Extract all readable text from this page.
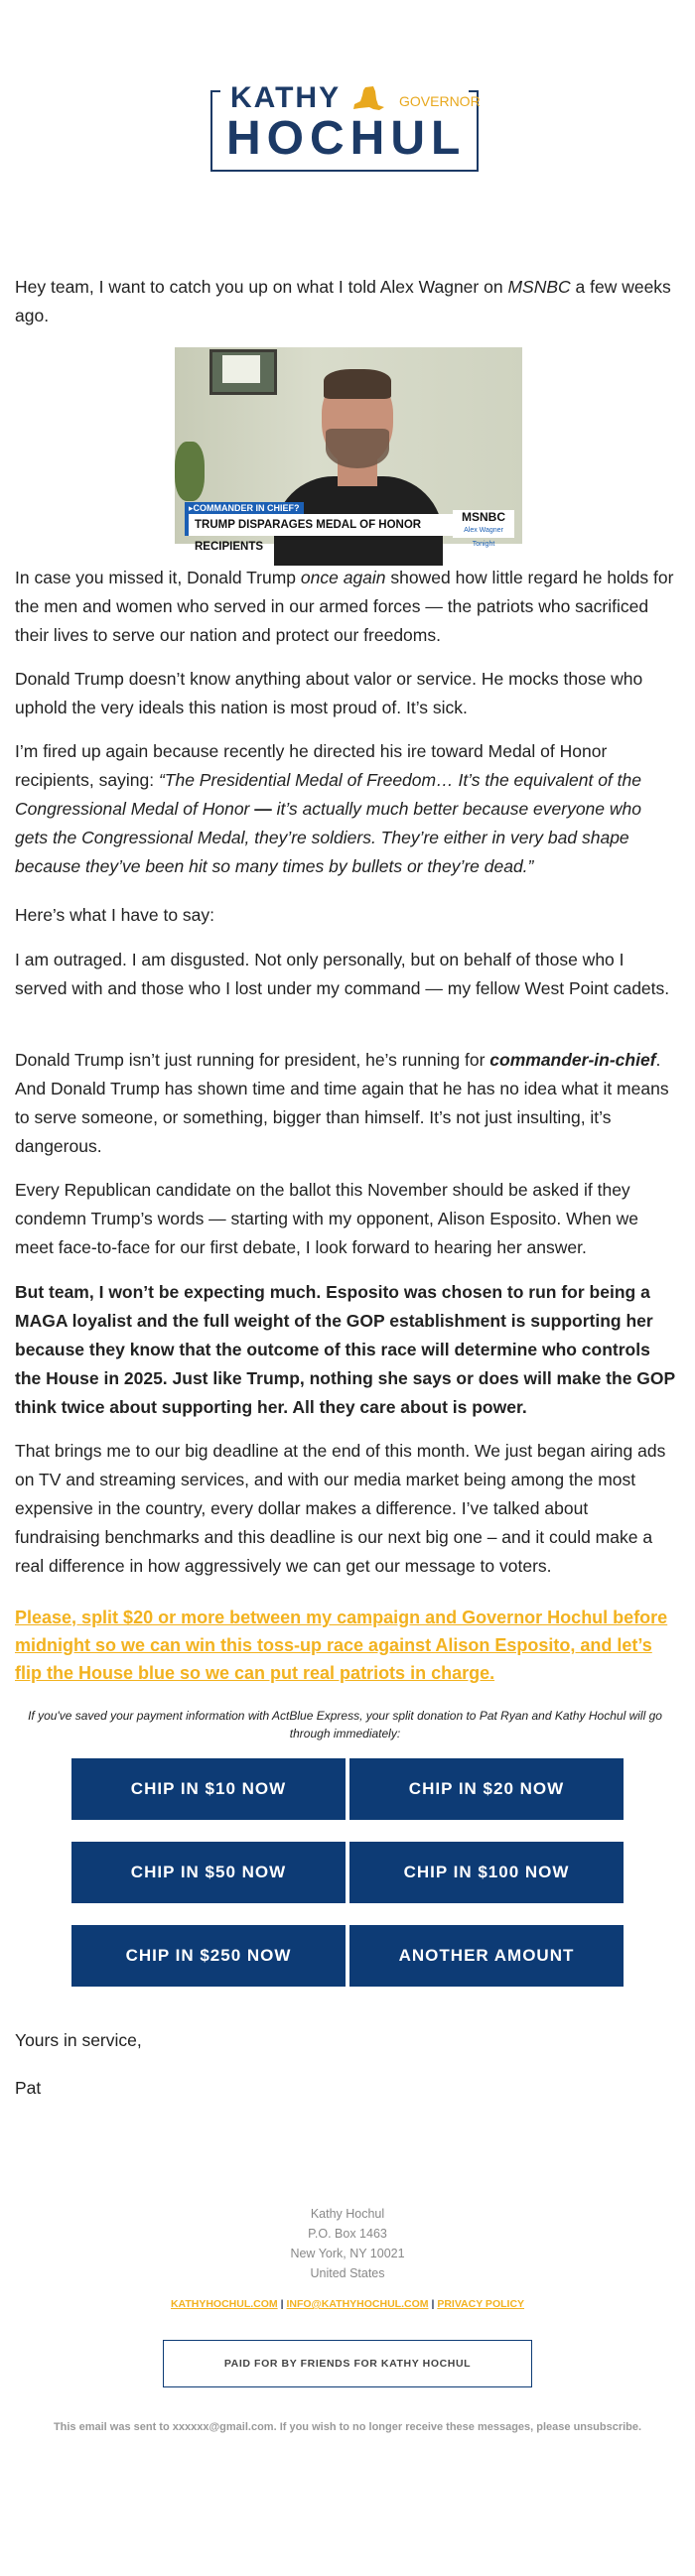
KATHY	GOVERNOR
HOCHUL

Hey team, I want to catch you up on what I told Alex Wagner on MSNBC a few weeks ago.

▸COMMANDER IN CHIEF?
TRUMP DISPARAGES MEDAL OF HONOR RECIPIENTS
MSNBC
Alex Wagner Tonight

In case you missed it, Donald Trump once again showed how little regard he holds for the men and women who served in our armed forces — the patriots who sacrificed their lives to serve our nation and protect our freedoms.

Donald Trump doesn’t know anything about valor or service. He mocks those who uphold the very ideals this nation is most proud of. It’s sick.

I’m fired up again because recently he directed his ire toward Medal of Honor recipients, saying: “The Presidential Medal of Freedom… It’s the equivalent of the Congressional Medal of Honor — it’s actually much better because everyone who gets the Congressional Medal, they’re soldiers. They’re either in very bad shape because they’ve been hit so many times by bullets or they’re dead.”

Here’s what I have to say:

I am outraged. I am disgusted. Not only personally, but on behalf of those who I served with and those who I lost under my command — my fellow West Point cadets.

Donald Trump isn’t just running for president, he’s running for commander-in-chief. And Donald Trump has shown time and time again that he has no idea what it means to serve someone, or something, bigger than himself. It’s not just insulting, it’s dangerous.

Every Republican candidate on the ballot this November should be asked if they condemn Trump’s words — starting with my opponent, Alison Esposito. When we meet face-to-face for our first debate, I look forward to hearing her answer.

But team, I won’t be expecting much. Esposito was chosen to run for being a MAGA loyalist and the full weight of the GOP establishment is supporting her because they know that the outcome of this race will determine who controls the House in 2025. Just like Trump, nothing she says or does will make the GOP think twice about supporting her. All they care about is power.

That brings me to our big deadline at the end of this month. We just began airing ads on TV and streaming services, and with our media market being among the most expensive in the country, every dollar makes a difference. I’ve talked about fundraising benchmarks and this deadline is our next big one – and it could make a real difference in how aggressively we can get our message to voters.

Please, split $20 or more between my campaign and Governor Hochul before midnight so we can win this toss-up race against Alison Esposito, and let’s flip the House blue so we can put real patriots in charge.
If you've saved your payment information with ActBlue Express, your split donation to Pat Ryan and Kathy Hochul will go through immediately:
CHIP IN $10 NOW	CHIP IN $20 NOW
CHIP IN $50 NOW	CHIP IN $100 NOW
CHIP IN $250 NOW	ANOTHER AMOUNT
Yours in service,
Pat
Kathy Hochul
P.O. Box 1463
New York, NY 10021
United States
KATHYHOCHUL.COM | INFO@KATHYHOCHUL.COM | PRIVACY POLICY
PAID FOR BY FRIENDS FOR KATHY HOCHUL
This email was sent to xxxxxx@gmail.com. If you wish to no longer receive these messages, please unsubscribe.
